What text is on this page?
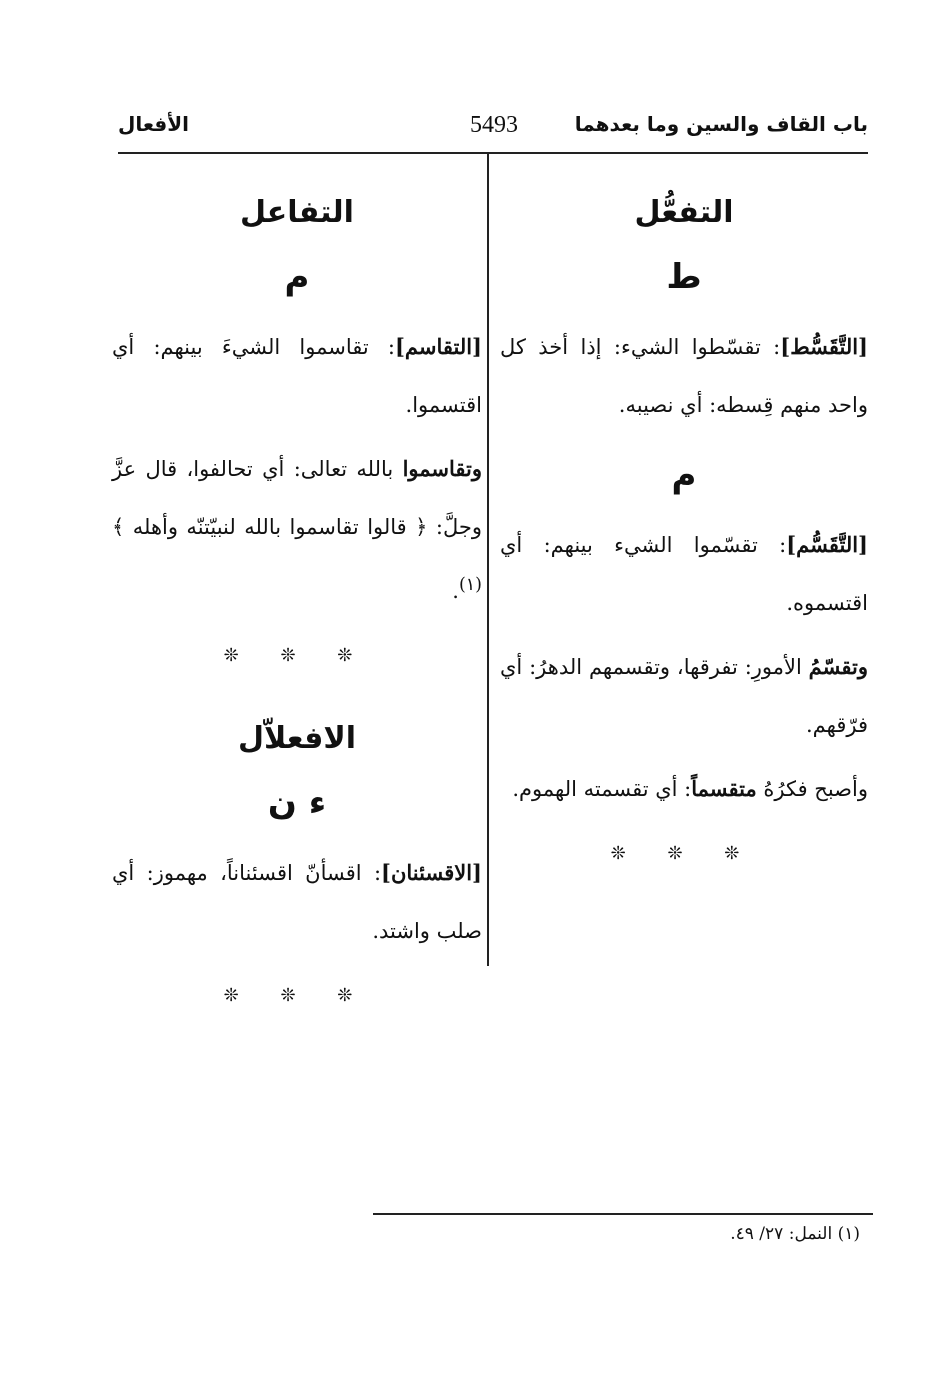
باب القاف والسين وما بعدهما
5493
الأفعال
التفعُّل
ط

[التَّقَسُّط]: تقسّطوا الشيء: إذا أخذ كل واحد منهم قِسطه: أي نصيبه.

م

[التَّقَسُّم]: تقسّموا الشيء بينهم: أي اقتسموه.

وتقسّمُ الأمورِ: تفرقها، وتقسمهم الدهرُ: أي فرّقهم.

وأصبح فكرُهُ متقسماً: أي تقسمته الهموم.

❊ ❊ ❊
التفاعل
م

[التقاسم]: تقاسموا الشيءَ بينهم: أي اقتسموا.

وتقاسموا بالله تعالى: أي تحالفوا، قال عزَّ وجلَّ: ﴿ قالوا تقاسموا بالله لنبيّتنّه وأهله ﴾$^{(١)}$.

❊ ❊ ❊
الافعلاّل
ء ن

[الاقسئنان]: اقسأنّ اقسئناناً، مهموز: أي صلب واشتد.

❊ ❊ ❊
(١) النمل: ٢٧/ ٤٩.
